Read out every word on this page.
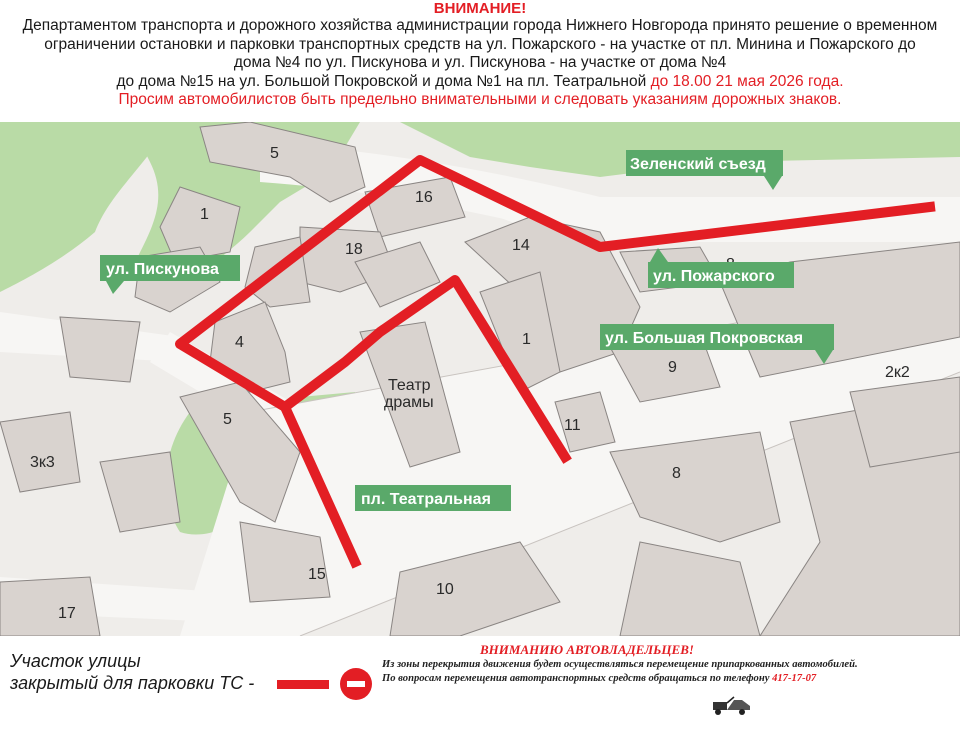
ВНИМАНИЕ!
Департаментом транспорта и дорожного хозяйства администрации города Нижнего Новгорода принято решение о временном
ограничении остановки и парковки транспортных средств на ул. Пожарского - на участке от пл. Минина и Пожарского до
дома №4 по ул. Пискунова и ул. Пискунова - на участке от дома №4
до дома №15 на ул. Большой Покровской и дома №1 на пл. Театральной до 18.00 21 мая 2026 года.
Просим автомобилистов быть предельно внимательными и следовать указаниям дорожных знаков.
5
1
16
18	14
4	1
9	2к2
5
3к3
11
8
15
10
17
Театр
драмы
Зеленский съезд
ул. Пискунова	ул. Пожарского
ул. Большая Покровская
пл. Театральная
Участок улицы
закрытый для парковки ТС -
ВНИМАНИЮ АВТОВЛАДЕЛЬЦЕВ!
Из зоны перекрытия движения будет осуществляться перемещение припаркованных автомобилей. По вопросам перемещения автотранспортных средств обращаться по телефону 417-17-07
